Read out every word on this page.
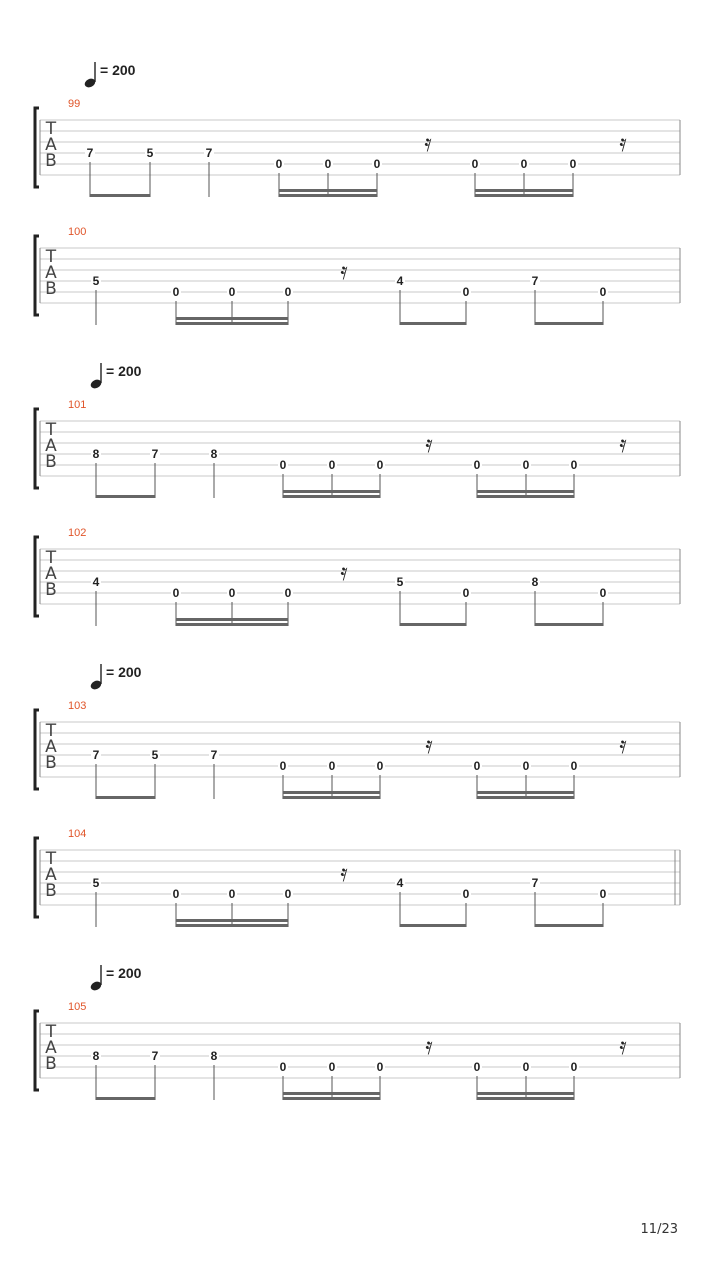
= 200
= 200
= 200
= 200
T
A
B
99
7	5	7
0	0	0	0	0	0
𝄿	𝄿
T
A
B
100
5
0	0	0
4
0
7
0
𝄿
T
A
B
101
8	7	8
0	0	0	0	0	0
𝄿	𝄿
T
A
B
102
4
0	0	0
5
0
8
0
𝄿
T
A
B
103
7	5	7
0	0	0	0	0	0
𝄿	𝄿
T
A
B
104
5
0	0	0
4
0
7
0
𝄿
T
A
B
105
8	7	8
0	0	0	0	0	0
𝄿	𝄿
11/23
